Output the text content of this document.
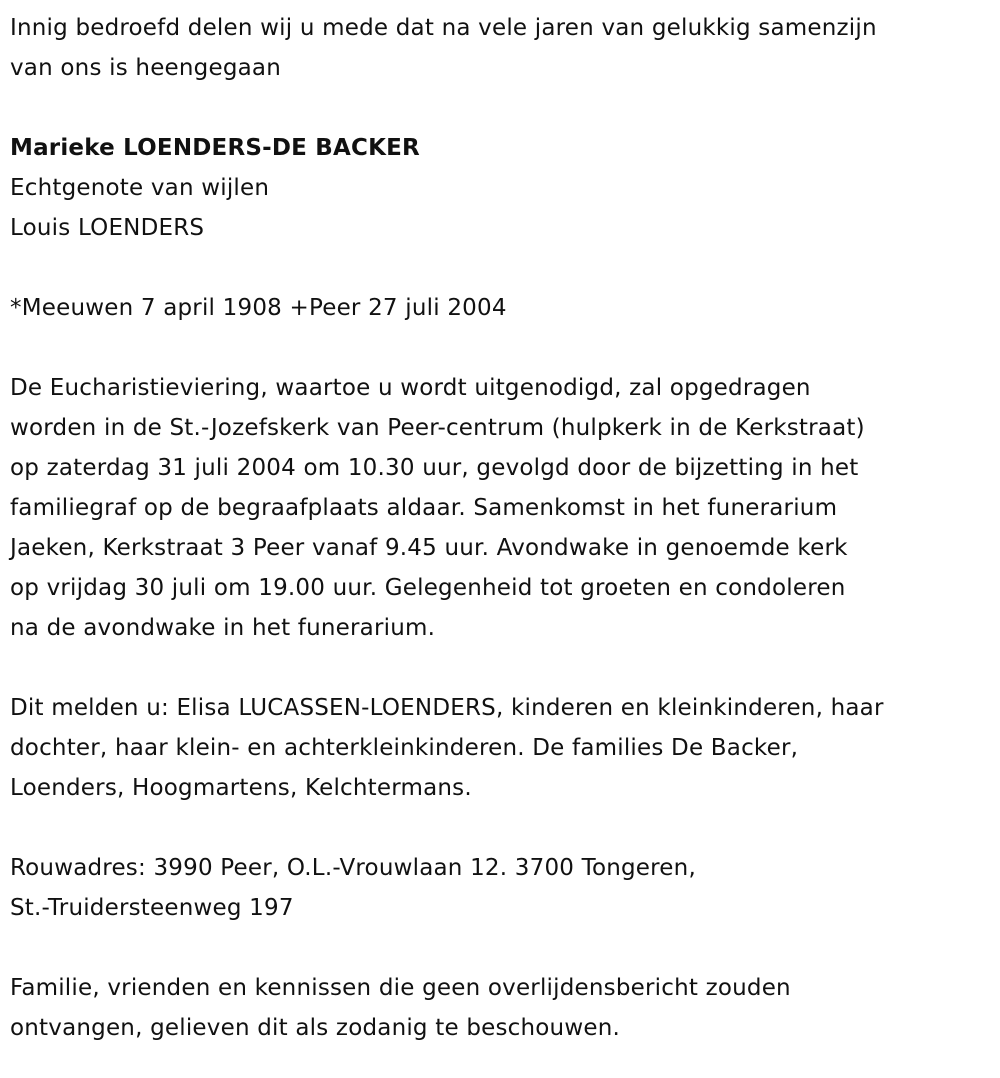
Innig bedroefd delen wij u mede dat na vele jaren van gelukkig samenzijn
van ons is heengegaan
Marieke LOENDERS-DE BACKER
Echtgenote van wijlen
Louis LOENDERS
*Meeuwen 7 april 1908 +Peer 27 juli 2004
De Eucharistieviering, waartoe u wordt uitgenodigd, zal opgedragen
worden in de St.-Jozefskerk van Peer-centrum (hulpkerk in de Kerkstraat)
op zaterdag 31 juli 2004 om 10.30 uur, gevolgd door de bijzetting in het
familiegraf op de begraafplaats aldaar. Samenkomst in het funerarium
Jaeken, Kerkstraat 3 Peer vanaf 9.45 uur. Avondwake in genoemde kerk
op vrijdag 30 juli om 19.00 uur. Gelegenheid tot groeten en condoleren
na de avondwake in het funerarium.
Dit melden u: Elisa LUCASSEN-LOENDERS, kinderen en kleinkinderen, haar
dochter, haar klein- en achterkleinkinderen. De families De Backer,
Loenders, Hoogmartens, Kelchtermans.
Rouwadres: 3990 Peer, O.L.-Vrouwlaan 12. 3700 Tongeren,
St.-Truidersteenweg 197
Familie, vrienden en kennissen die geen overlijdensbericht zouden
ontvangen, gelieven dit als zodanig te beschouwen.
